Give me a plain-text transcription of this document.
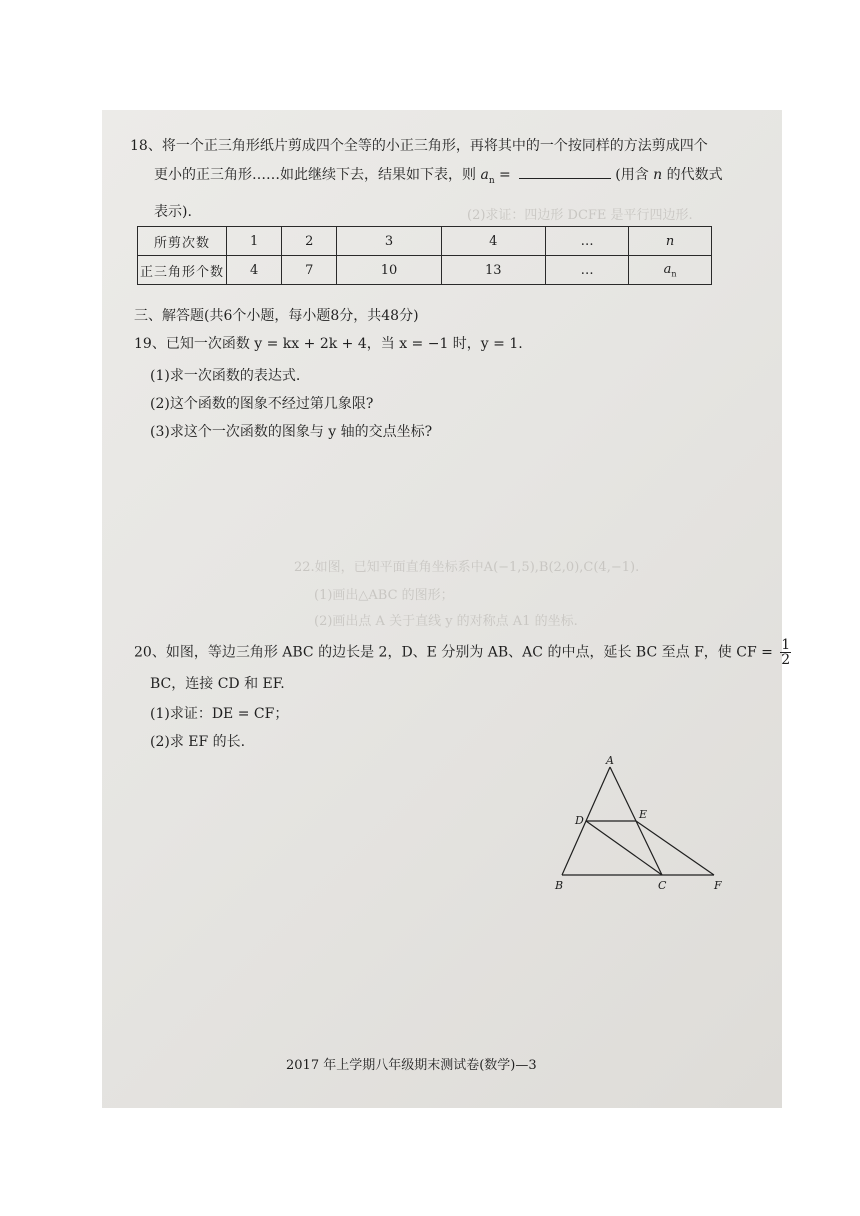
(2)求证：四边形 DCFE 是平行四边形.
22.如图，已知平面直角坐标系中A(−1,5),B(2,0),C(4,−1).
(1)画出△ABC 的图形；
(2)画出点 A 关于直线 y 的对称点 A1 的坐标.
18、将一个正三角形纸片剪成四个全等的小正三角形，再将其中的一个按同样的方法剪成四个
更小的正三角形……如此继续下去，结果如下表，则 $a_n$ =	(用含 n 的代数式
表示).
所剪次数	1	2	3	4	…	n
正三角形个数	4	7	10	13	…	$a_n$
三、解答题(共6个小题，每小题8分，共48分)
19、已知一次函数 y = kx + 2k + 4，当 x = −1 时，y = 1.
(1)求一次函数的表达式.
(2)这个函数的图象不经过第几象限?
(3)求这个一次函数的图象与 y 轴的交点坐标?
20、如图，等边三角形 ABC 的边长是 2，D、E 分别为 AB、AC 的中点，延长 BC 至点 F，使 CF = $\frac{1}{2}$
BC，连接 CD 和 EF.
(1)求证：DE = CF；
(2)求 EF 的长.
A
D	E
B	C	F
2017 年上学期八年级期末测试卷(数学)—3
